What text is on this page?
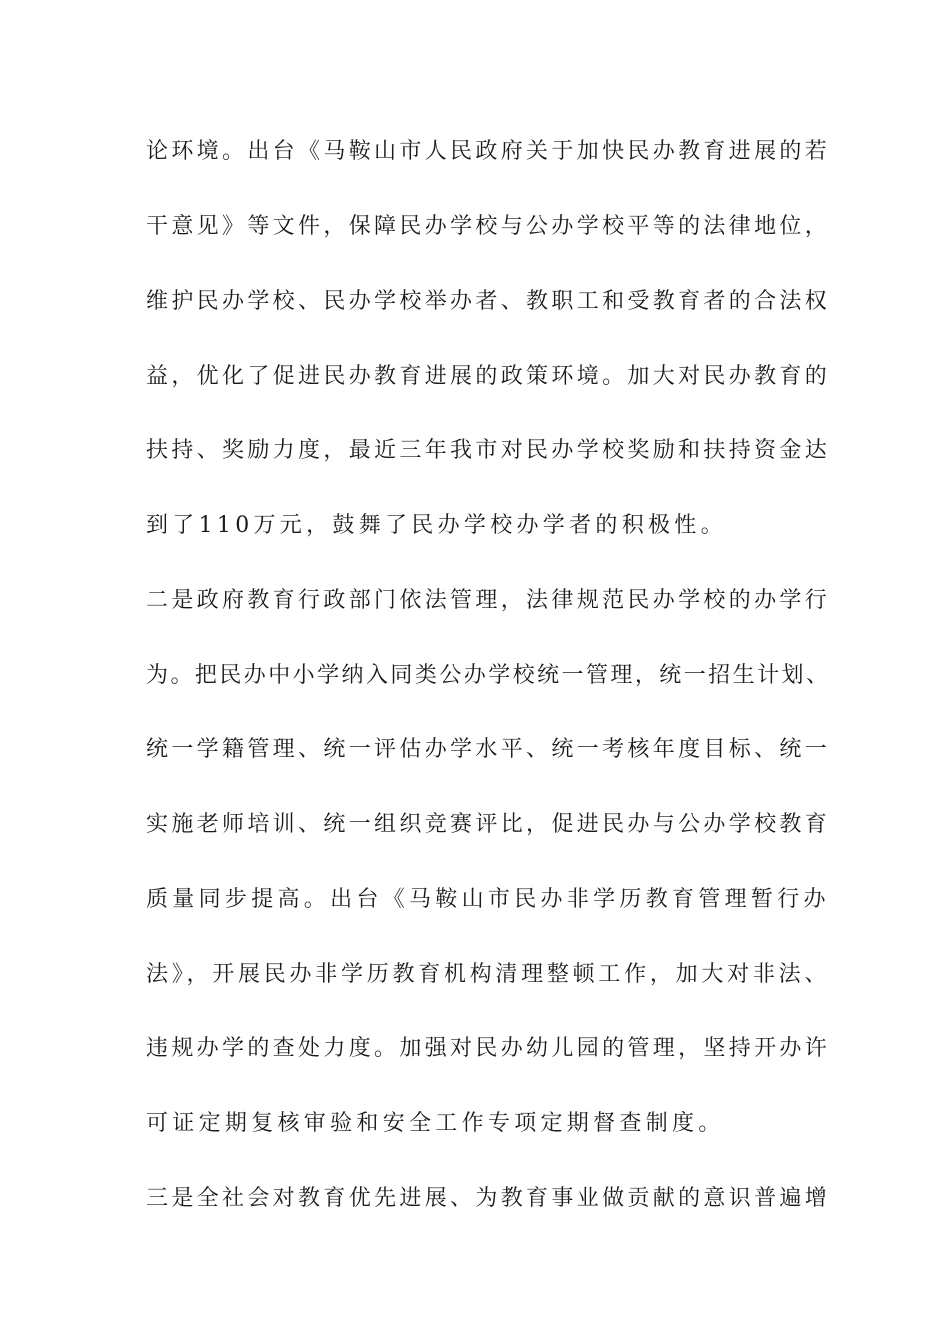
论环境。出台《马鞍山市人民政府关于加快民办教育进展的若
干意见》等文件，保障民办学校与公办学校平等的法律地位，
维护民办学校、民办学校举办者、教职工和受教育者的合法权
益，优化了促进民办教育进展的政策环境。加大对民办教育的
扶持、奖励力度，最近三年我市对民办学校奖励和扶持资金达
到了110万元，鼓舞了民办学校办学者的积极性。
二是政府教育行政部门依法管理，法律规范民办学校的办学行
为。把民办中小学纳入同类公办学校统一管理，统一招生计划、
统一学籍管理、统一评估办学水平、统一考核年度目标、统一
实施老师培训、统一组织竞赛评比，促进民办与公办学校教育
质量同步提高。出台《马鞍山市民办非学历教育管理暂行办
法》，开展民办非学历教育机构清理整顿工作，加大对非法、
违规办学的查处力度。加强对民办幼儿园的管理，坚持开办许
可证定期复核审验和安全工作专项定期督查制度。
三是全社会对教育优先进展、为教育事业做贡献的意识普遍增
